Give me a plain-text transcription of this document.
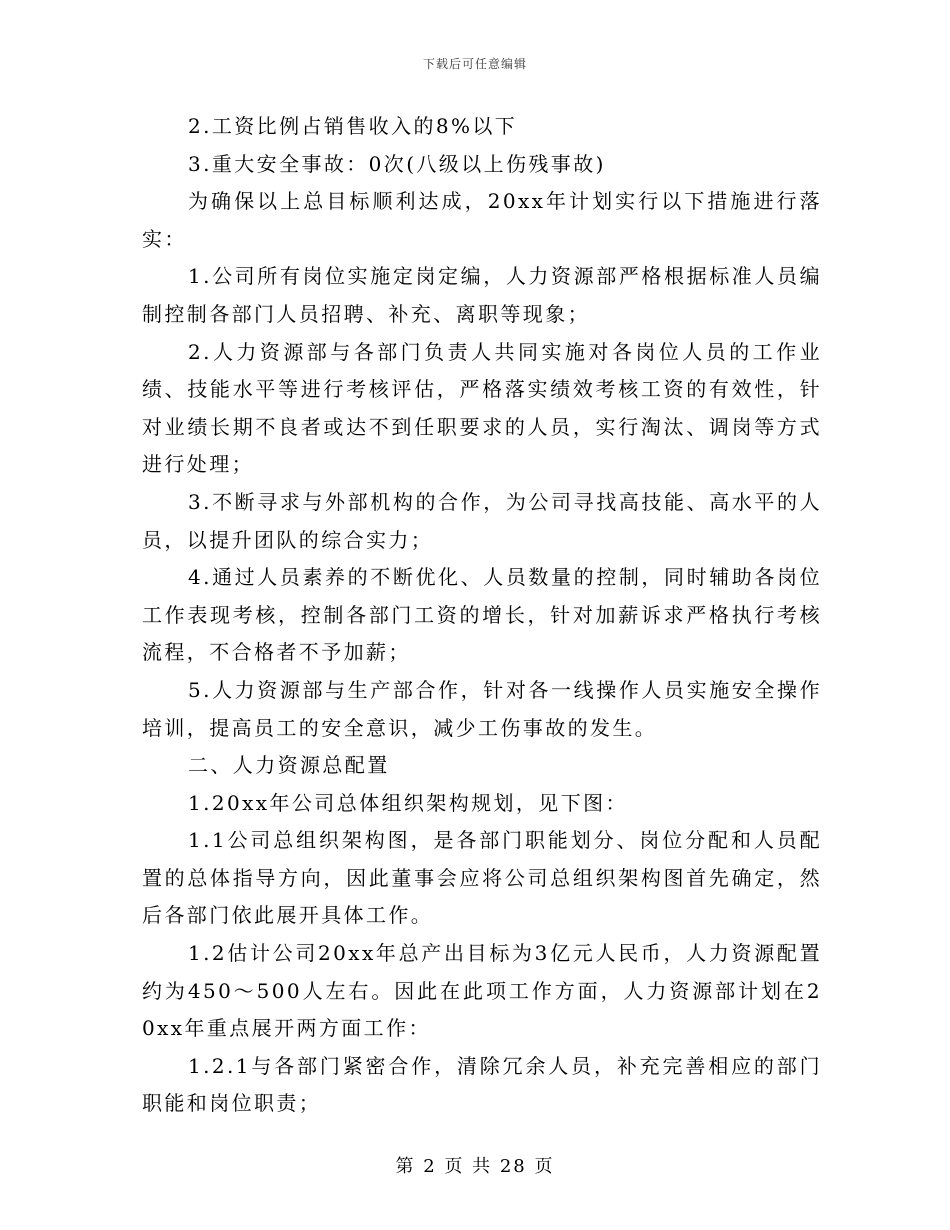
下载后可任意编辑

2.工资比例占销售收入的8%以下

3.重大安全事故：0次(八级以上伤残事故)

为确保以上总目标顺利达成，20xx年计划实行以下措施进行落实：

1.公司所有岗位实施定岗定编，人力资源部严格根据标准人员编制控制各部门人员招聘、补充、离职等现象；

2.人力资源部与各部门负责人共同实施对各岗位人员的工作业绩、技能水平等进行考核评估，严格落实绩效考核工资的有效性，针对业绩长期不良者或达不到任职要求的人员，实行淘汰、调岗等方式进行处理；

3.不断寻求与外部机构的合作，为公司寻找高技能、高水平的人员，以提升团队的综合实力；

4.通过人员素养的不断优化、人员数量的控制，同时辅助各岗位工作表现考核，控制各部门工资的增长，针对加薪诉求严格执行考核流程，不合格者不予加薪；

5.人力资源部与生产部合作，针对各一线操作人员实施安全操作培训，提高员工的安全意识，减少工伤事故的发生。

二、人力资源总配置

1.20xx年公司总体组织架构规划，见下图：

1.1公司总组织架构图，是各部门职能划分、岗位分配和人员配置的总体指导方向，因此董事会应将公司总组织架构图首先确定，然后各部门依此展开具体工作。

1.2估计公司20xx年总产出目标为3亿元人民币，人力资源配置约为450～500人左右。因此在此项工作方面，人力资源部计划在20xx年重点展开两方面工作：

1.2.1与各部门紧密合作，清除冗余人员，补充完善相应的部门职能和岗位职责；

第 2 页 共 28 页
